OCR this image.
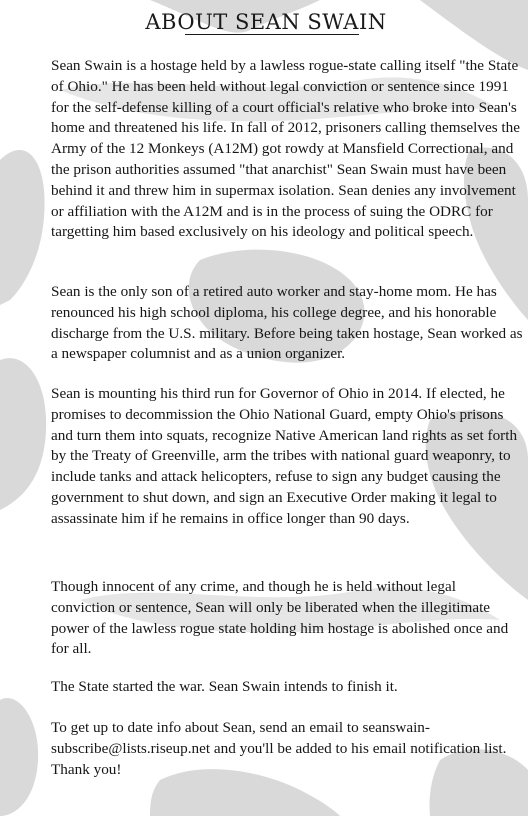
ABOUT SEAN SWAIN

Sean Swain is a hostage held by a lawless rogue-state calling itself "the State of Ohio." He has been held without legal conviction or sentence since 1991 for the self-defense killing of a court official's relative who broke into Sean's home and threatened his life. In fall of 2012, prisoners calling themselves the Army of the 12 Monkeys (A12M) got rowdy at Mansfield Correctional, and the prison authorities assumed "that anarchist" Sean Swain must have been behind it and threw him in supermax isolation. Sean denies any involvement or affiliation with the A12M and is in the process of suing the ODRC for targetting him based exclusively on his ideology and political speech.

Sean is the only son of a retired auto worker and stay-home mom. He has renounced his high school diploma, his college degree, and his honorable discharge from the U.S. military. Before being taken hostage, Sean worked as a newspaper columnist and as a union organizer.

Sean is mounting his third run for Governor of Ohio in 2014. If elected, he promises to decommission the Ohio National Guard, empty Ohio's prisons and turn them into squats, recognize Native American land rights as set forth by the Treaty of Greenville, arm the tribes with national guard weaponry, to include tanks and attack helicopters, refuse to sign any budget causing the government to shut down, and sign an Executive Order making it legal to assassinate him if he remains in office longer than 90 days.

Though innocent of any crime, and though he is held without legal conviction or sentence, Sean will only be liberated when the illegitimate power of the lawless rogue state holding him hostage is abolished once and for all.

The State started the war. Sean Swain intends to finish it.

To get up to date info about Sean, send an email to seanswain-subscribe@lists.riseup.net and you'll be added to his email notification list. Thank you!
